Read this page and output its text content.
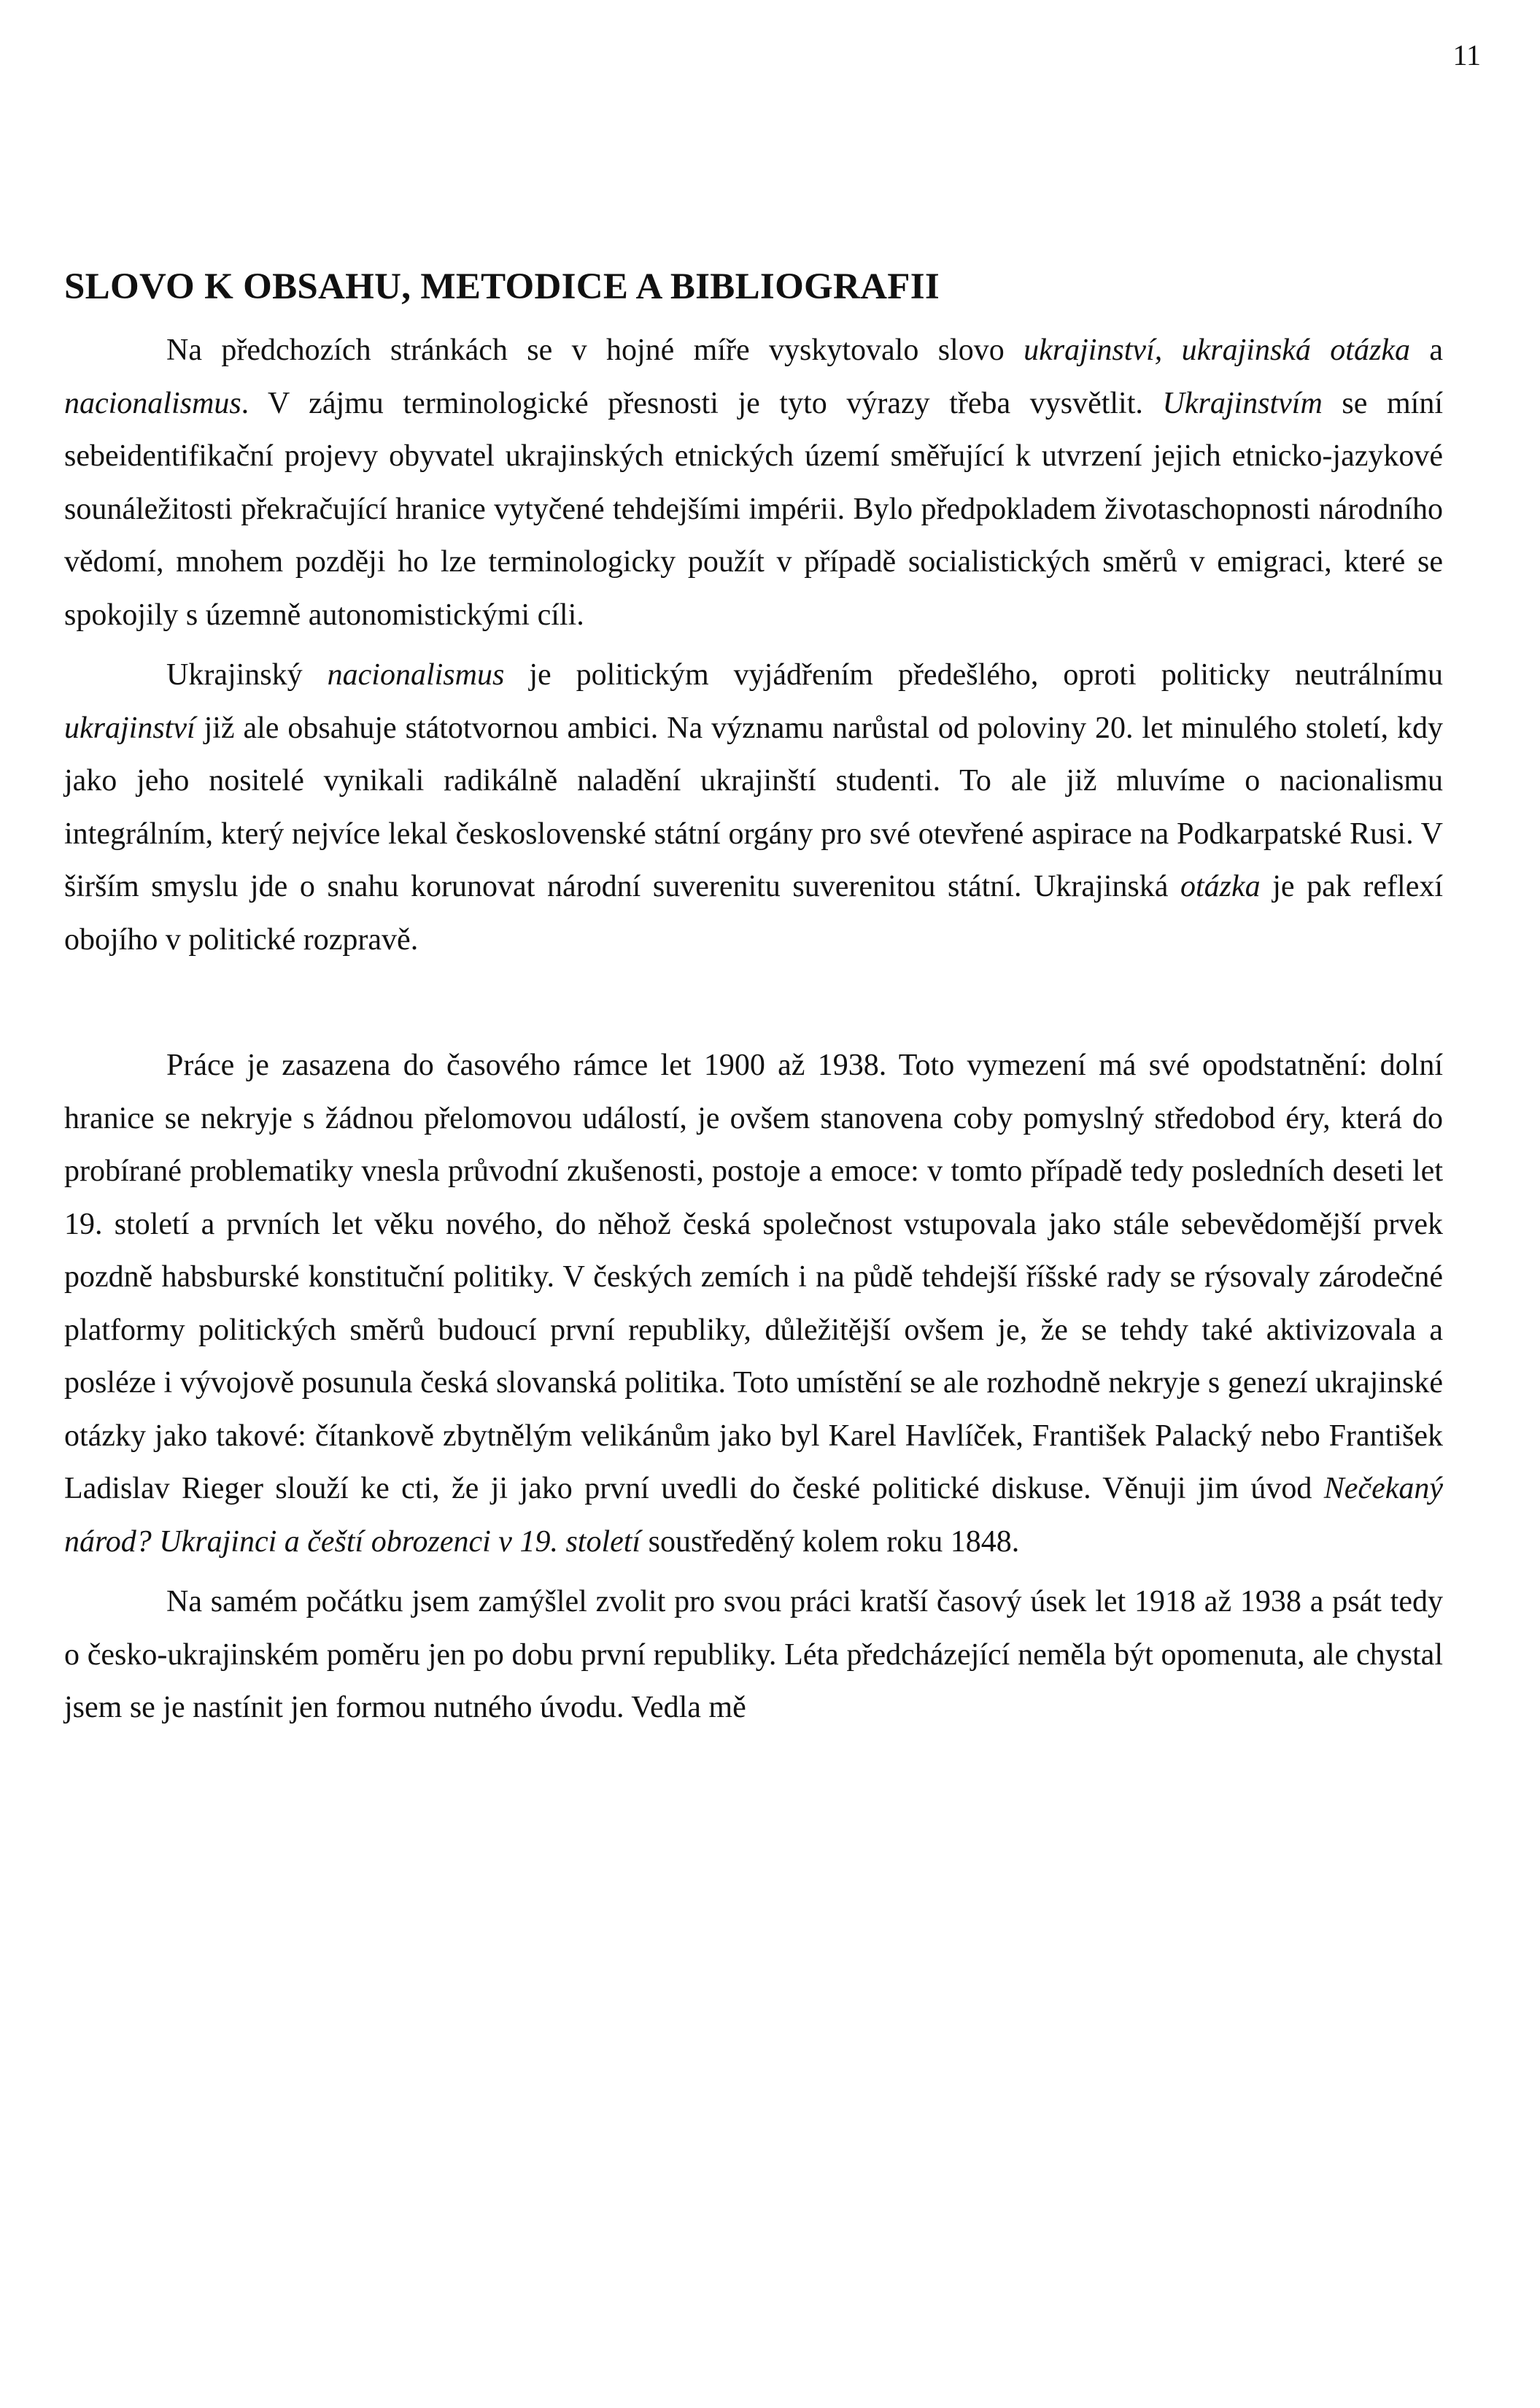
11
SLOVO K OBSAHU, METODICE A BIBLIOGRAFII

Na předchozích stránkách se v hojné míře vyskytovalo slovo ukrajinství, ukrajinská otázka a nacionalismus. V zájmu terminologické přesnosti je tyto výrazy třeba vysvětlit. Ukrajinstvím se míní sebeidentifikační projevy obyvatel ukrajinských etnických území směřující k utvrzení jejich etnicko-jazykové sounáležitosti překračující hranice vytyčené tehdejšími impérii. Bylo předpokladem životaschopnosti národního vědomí, mnohem později ho lze terminologicky použít v případě socialistických směrů v emigraci, které se spokojily s územně autonomistickými cíli.

Ukrajinský nacionalismus je politickým vyjádřením předešlého, oproti politicky neutrálnímu ukrajinství již ale obsahuje státotvornou ambici. Na významu narůstal od poloviny 20. let minulého století, kdy jako jeho nositelé vynikali radikálně naladění ukrajinští studenti. To ale již mluvíme o nacionalismu integrálním, který nejvíce lekal československé státní orgány pro své otevřené aspirace na Podkarpatské Rusi. V širším smyslu jde o snahu korunovat národní suverenitu suverenitou státní. Ukrajinská otázka je pak reflexí obojího v politické rozpravě.

Práce je zasazena do časového rámce let 1900 až 1938. Toto vymezení má své opodstatnění: dolní hranice se nekryje s žádnou přelomovou událostí, je ovšem stanovena coby pomyslný středobod éry, která do probírané problematiky vnesla průvodní zkušenosti, postoje a emoce: v tomto případě tedy posledních deseti let 19. století a prvních let věku nového, do něhož česká společnost vstupovala jako stále sebevědomější prvek pozdně habsburské konstituční politiky. V českých zemích i na půdě tehdejší říšské rady se rýsovaly zárodečné platformy politických směrů budoucí první republiky, důležitější ovšem je, že se tehdy také aktivizovala a posléze i vývojově posunula česká slovanská politika. Toto umístění se ale rozhodně nekryje s genezí ukrajinské otázky jako takové: čítankově zbytnělým velikánům jako byl Karel Havlíček, František Palacký nebo František Ladislav Rieger slouží ke cti, že ji jako první uvedli do české politické diskuse. Věnuji jim úvod Nečekaný národ? Ukrajinci a čeští obrozenci v 19. století soustředěný kolem roku 1848.

Na samém počátku jsem zamýšlel zvolit pro svou práci kratší časový úsek let 1918 až 1938 a psát tedy o česko-ukrajinském poměru jen po dobu první republiky. Léta předcházející neměla být opomenuta, ale chystal jsem se je nastínit jen formou nutného úvodu. Vedla mě
